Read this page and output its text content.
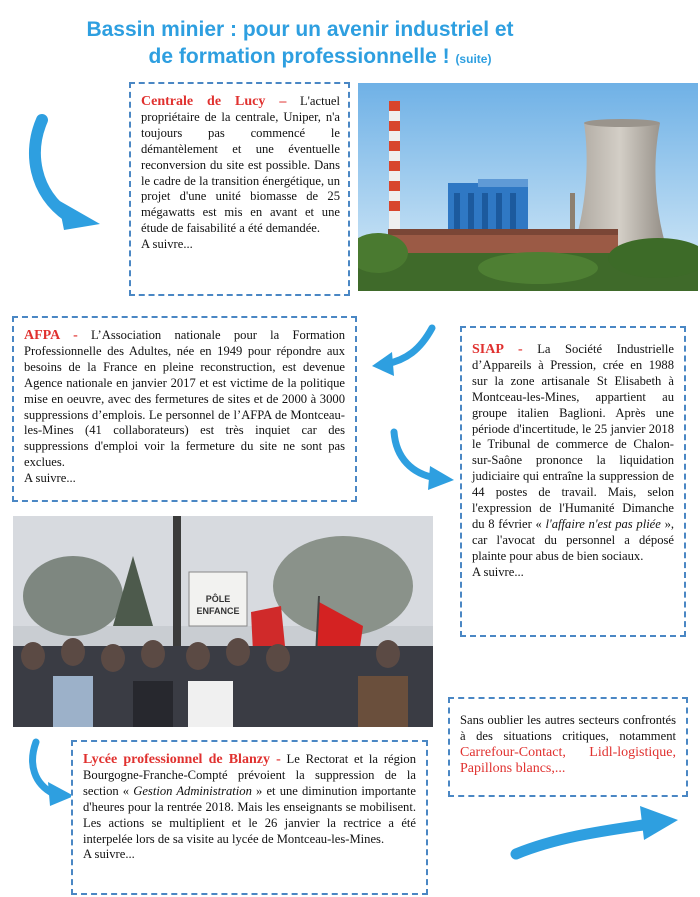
Bassin minier : pour un avenir industriel et
de formation professionnelle ! (suite)

Centrale de Lucy – L'actuel propriétaire de la centrale, Uniper, n'a toujours pas commencé le démantèlement et une éventuelle reconversion du site est possible. Dans le cadre de la transition énergétique, un projet d'une unité biomasse de 25 mégawatts est mis en avant et une étude de faisabilité a été demandée.

A suivre...

AFPA - L’Association nationale pour la Formation Professionnelle des Adultes, née en 1949 pour répondre aux besoins de la France en pleine reconstruction, est devenue Agence nationale en janvier 2017 et est victime de la politique mise en oeuvre, avec des fermetures de sites et de 2000 à 3000 suppressions d’emplois. Le personnel de l’AFPA de Montceau-les-Mines (41 collaborateurs) est très inquiet car des suppressions d'emploi voir la fermeture du site ne sont pas exclues.

A suivre...

SIAP - La Société Industrielle d’Appareils à Pression, crée en 1988 sur la zone artisanale St Elisabeth à Montceau-les-Mines, appartient au groupe italien Baglioni. Après une période d'incertitude, le 25 janvier 2018 le Tribunal de commerce de Chalon-sur-Saône prononce la liquidation judiciaire qui entraîne la suppression de 44 postes de travail. Mais, selon l'expression de l'Humanité Dimanche du 8 février « l'affaire n'est pas pliée », car l'avocat du personnel a déposé plainte pour abus de bien sociaux.

A suivre...

PÔLE
ENFANCE

Sans oublier les autres secteurs confrontés à des situations critiques, notamment Carrefour-Contact, Lidl-logistique, Papillons blancs,...

Lycée professionnel de Blanzy - Le Rectorat et la région Bourgogne-Franche-Compté prévoient la suppression de la section « Gestion Administration » et une diminution importante d'heures pour la rentrée 2018. Mais les enseignants se mobilisent. Les actions se multiplient et le 26 janvier la rectrice a été interpelée lors de sa visite au lycée de Montceau-les-Mines.

A suivre...
